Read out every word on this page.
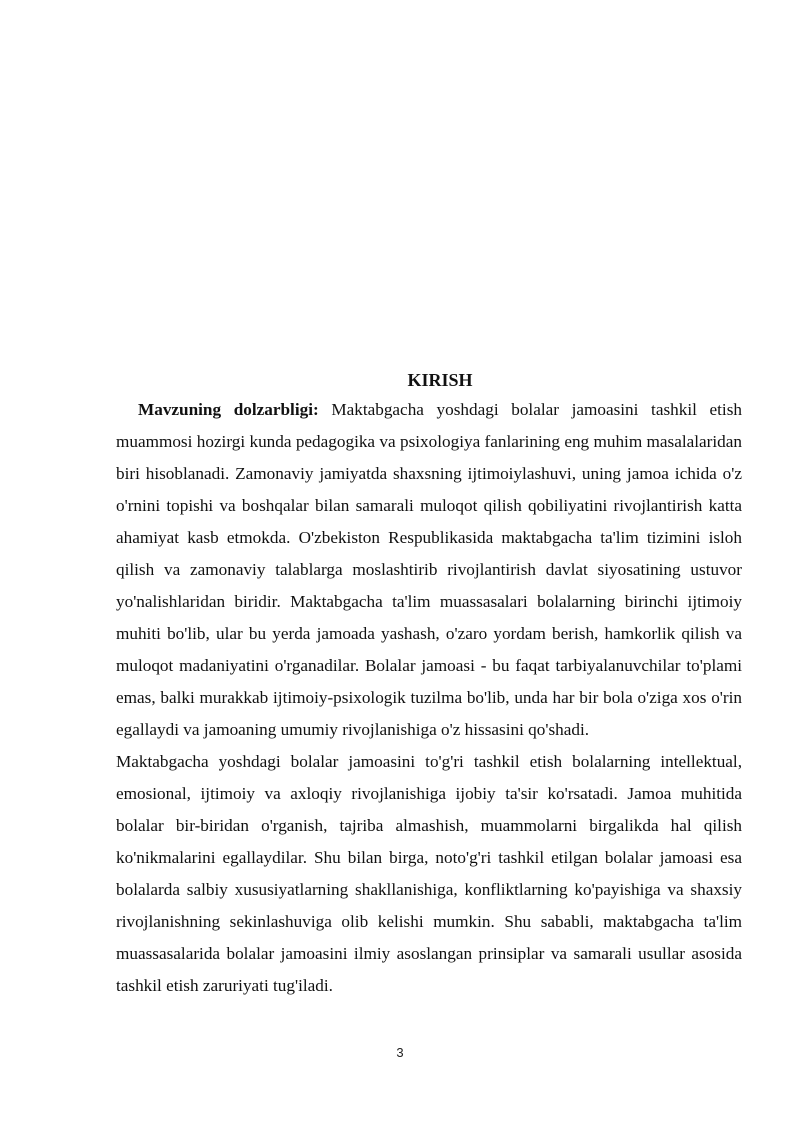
KIRISH

Mavzuning dolzarbligi: Maktabgacha yoshdagi bolalar jamoasini tashkil etish muammosi hozirgi kunda pedagogika va psixologiya fanlarining eng muhim masalalaridan biri hisoblanadi. Zamonaviy jamiyatda shaxsning ijtimoiylashuvi, uning jamoa ichida o'z o'rnini topishi va boshqalar bilan samarali muloqot qilish qobiliyatini rivojlantirish katta ahamiyat kasb etmokda. O'zbekiston Respublikasida maktabgacha ta'lim tizimini isloh qilish va zamonaviy talablarga moslashtirib rivojlantirish davlat siyosatining ustuvor yo'nalishlaridan biridir. Maktabgacha ta'lim muassasalari bolalarning birinchi ijtimoiy muhiti bo'lib, ular bu yerda jamoada yashash, o'zaro yordam berish, hamkorlik qilish va muloqot madaniyatini o'rganadilar. Bolalar jamoasi - bu faqat tarbiyalanuvchilar to'plami emas, balki murakkab ijtimoiy-psixologik tuzilma bo'lib, unda har bir bola o'ziga xos o'rin egallaydi va jamoaning umumiy rivojlanishiga o'z hissasini qo'shadi.

Maktabgacha yoshdagi bolalar jamoasini to'g'ri tashkil etish bolalarning intellektual, emosional, ijtimoiy va axloqiy rivojlanishiga ijobiy ta'sir ko'rsatadi. Jamoa muhitida bolalar bir-biridan o'rganish, tajriba almashish, muammolarni birgalikda hal qilish ko'nikmalarini egallaydilar. Shu bilan birga, noto'g'ri tashkil etilgan bolalar jamoasi esa bolalarda salbiy xususiyatlarning shakllanishiga, konfliktlarning ko'payishiga va shaxsiy rivojlanishning sekinlashuviga olib kelishi mumkin. Shu sababli, maktabgacha ta'lim muassasalarida bolalar jamoasini ilmiy asoslangan prinsiplar va samarali usullar asosida tashkil etish zaruriyati tug'iladi.

3
